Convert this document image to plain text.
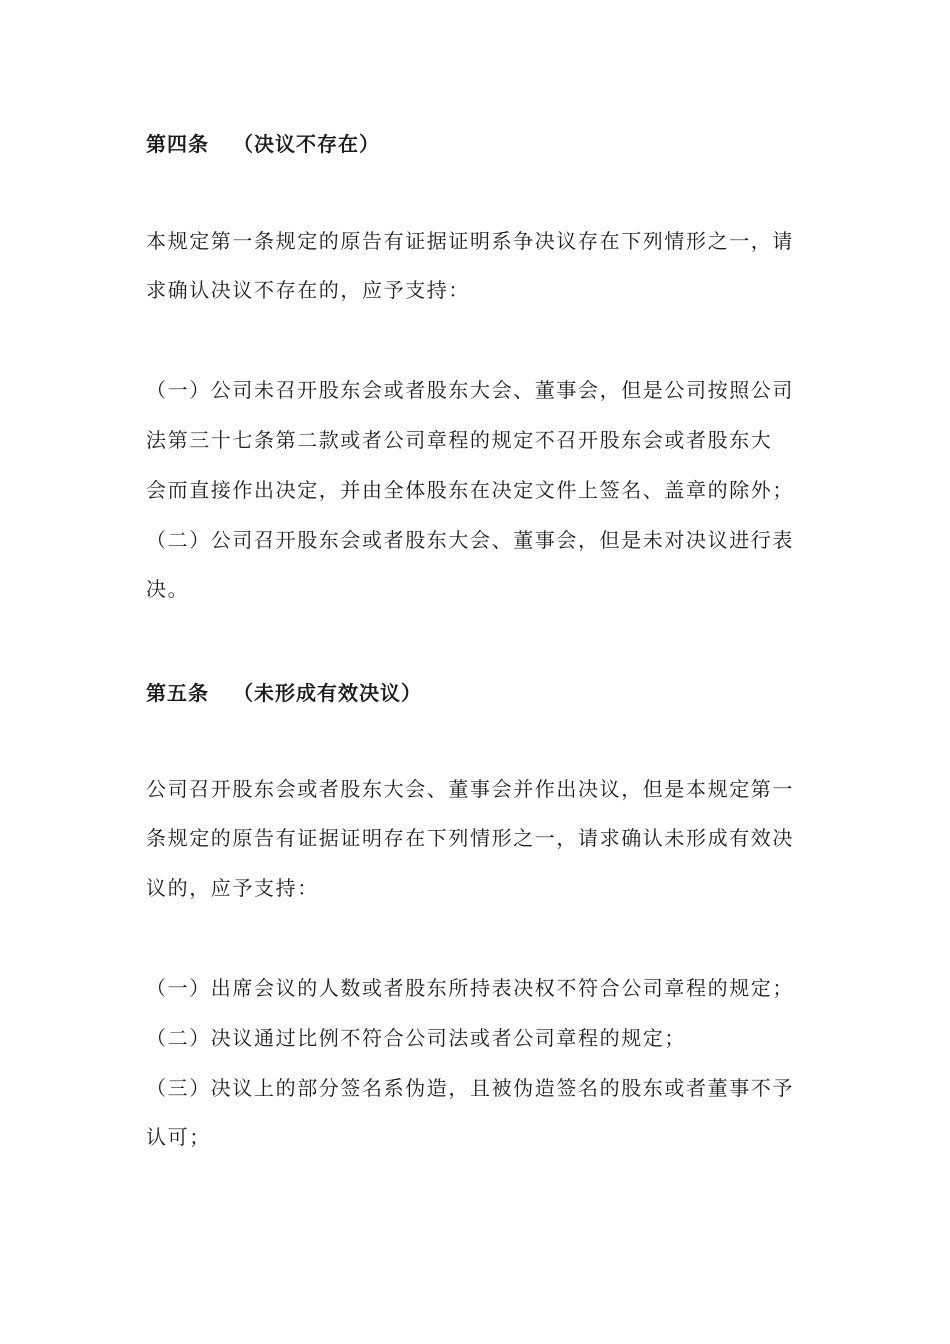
第四条 （决议不存在）
本规定第一条规定的原告有证据证明系争决议存在下列情形之一，请
求确认决议不存在的，应予支持：
（一）公司未召开股东会或者股东大会、董事会，但是公司按照公司
法第三十七条第二款或者公司章程的规定不召开股东会或者股东大
会而直接作出决定，并由全体股东在决定文件上签名、盖章的除外；
（二）公司召开股东会或者股东大会、董事会，但是未对决议进行表
决。
第五条 （未形成有效决议）
公司召开股东会或者股东大会、董事会并作出决议，但是本规定第一
条规定的原告有证据证明存在下列情形之一，请求确认未形成有效决
议的，应予支持：
（一）出席会议的人数或者股东所持表决权不符合公司章程的规定；
（二）决议通过比例不符合公司法或者公司章程的规定；
（三）决议上的部分签名系伪造，且被伪造签名的股东或者董事不予
认可；
